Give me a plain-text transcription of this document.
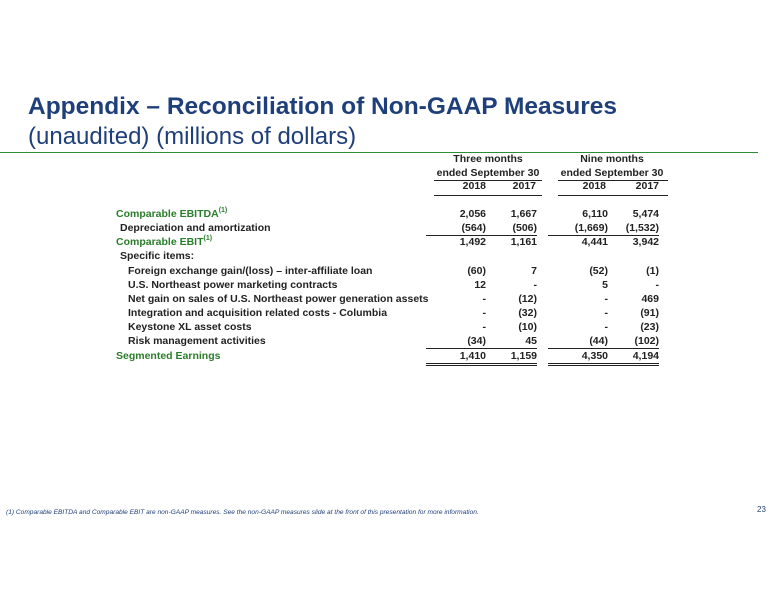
Appendix – Reconciliation of Non-GAAP Measures
(unaudited) (millions of dollars)
Three months
ended September 30
Nine months
ended September 30
2018	2017	2018	2017
Comparable EBITDA$^{(1)}$	2,056	1,667	6,110	5,474
Depreciation and amortization	(564)	(506)	(1,669)	(1,532)
Comparable EBIT$^{(1)}$	1,492	1,161	4,441	3,942
Specific items:
Foreign exchange gain/(loss) – inter-affiliate loan	(60)	7	(52)	(1)
U.S. Northeast power marketing contracts	12	-	5	-
Net gain on sales of U.S. Northeast power generation assets	-	(12)	-	469
Integration and acquisition related costs - Columbia	-	(32)	-	(91)
Keystone XL asset costs	-	(10)	-	(23)
Risk management activities	(34)	45	(44)	(102)
Segmented Earnings	1,410	1,159	4,350	4,194
(1) Comparable EBITDA and Comparable EBIT are non-GAAP measures. See the non-GAAP measures slide at the front of this presentation for more information.	23
